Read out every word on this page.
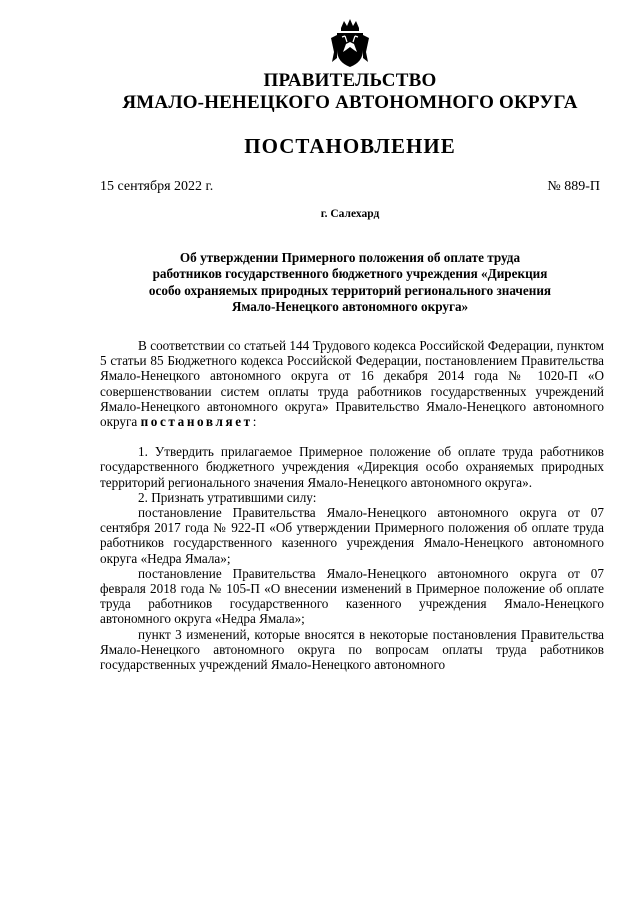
ПРАВИТЕЛЬСТВО
ЯМАЛО-НЕНЕЦКОГО АВТОНОМНОГО ОКРУГА
ПОСТАНОВЛЕНИЕ
15 сентября 2022 г.	№ 889-П
г. Салехард
Об утверждении Примерного положения об оплате труда
работников государственного бюджетного учреждения «Дирекция
особо охраняемых природных территорий регионального значения
Ямало-Ненецкого автономного округа»

В соответствии со статьей 144 Трудового кодекса Российской Федерации, пунктом 5 статьи 85 Бюджетного кодекса Российской Федерации, постановлением Правительства Ямало-Ненецкого автономного округа от 16 декабря 2014 года № 1020-П «О совершенствовании систем оплаты труда работников государственных учреждений Ямало-Ненецкого автономного округа» Правительство Ямало-Ненецкого автономного округа постановляет:

1. Утвердить прилагаемое Примерное положение об оплате труда работников государственного бюджетного учреждения «Дирекция особо охраняемых природных территорий регионального значения Ямало-Ненецкого автономного округа».

2. Признать утратившими силу:

постановление Правительства Ямало-Ненецкого автономного округа от 07 сентября 2017 года № 922-П «Об утверждении Примерного положения об оплате труда работников государственного казенного учреждения Ямало-Ненецкого автономного округа «Недра Ямала»;

постановление Правительства Ямало-Ненецкого автономного округа от 07 февраля 2018 года № 105-П «О внесении изменений в Примерное положение об оплате труда работников государственного казенного учреждения Ямало-Ненецкого автономного округа «Недра Ямала»;

пункт 3 изменений, которые вносятся в некоторые постановления Правительства Ямало-Ненецкого автономного округа по вопросам оплаты труда работников государственных учреждений Ямало-Ненецкого автономного
